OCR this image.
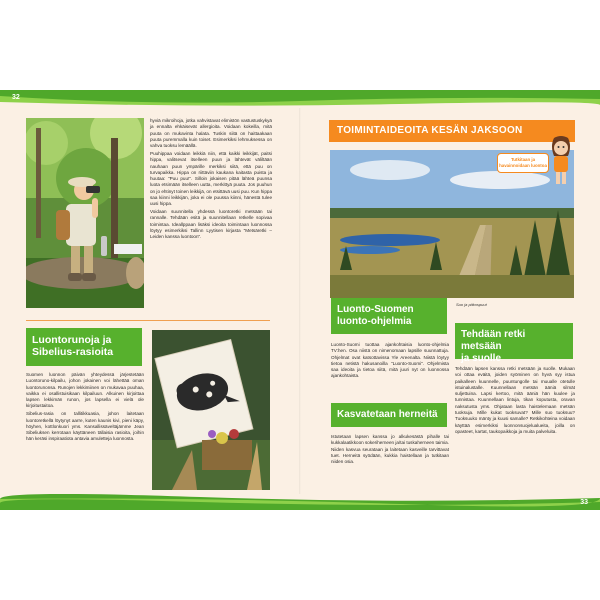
32
33

hyviä mikroihoja, jotka vahvistavat elimistön vastustuskykyä ja ennalta ehkäisevät allergioita. Voidaan kokeilla, mitä puuta on mukavinta halata. Tuskin siitä on haittaakaan puuta puremmalla kuin toiset. Esimerkiksi lehmuksessa on vahva tuoksu lemäällä.

Puuhippaa voidaan leikkiä niin, että kaikki leikkijät, paitsi hippa, valitsevat itselleen puun ja lähtevät väliltään nauhaan puun ympärille merkiksi siitä, että puu on turvapaikka. Hippa on riittäviin kaukana kaitasta puista ja huutaa: "Puu puu!". Silloin jokaisen pitää lähteä puunsa luota etsimään itselleen uutta, merkittyä puuta. Jos puuhun on jo ehtinyt toinen leikkijä, on etsittävä uusi puu. Kun hippa saa kiinni leikkijän, joka ei ole puussa kiinni, hänestä tulee uusi hippa.

Voidaan suunnitella yhdessä luontoretki metsään tai rannalle. Tehdään esitä ja suunnitellaan retkelle sopivaa toimintaa. Ideallppaan lisäksi ideoita toimintaan luonnossa löytyy esimerkiksi Tallinn Lyytisen kirjasta "Metsäretki – Leiden kanssa luontoon".

Luontorunoja ja
Sibelius-rasioita

Suomen luonnon päivän yhteydessä järjestetään Luontoruno-kilpailu, johon jokainen voi lähettää oman luontorunonsa. Runojen lekkimiinen on mukavaa puuhaa, vaikka ei osallistuisikaan kilpailuun. Alkuinen kirjoittaa lapsen lekkimän runon, jos lapsella ei vielä ole kirjoitustaitoa.

Sibelius-rasia on tallitikkuasia, johon laitetaan luontoretkellä löytynyt aarre, kuten kaunis kivi, pieni käpy, höyhen, kottlonkuori yms. Kansallissäveltäjämme Jean Sibeliuksen kerrotaan käyttäneen tällaisia rasioita, joihin hän keräsi inspiraatiota antavia amuletteja luonnosta.

TOIMINTAIDEOITA KESÄN JAKSOON
Suo ja pitkospuut
Tutkitaan ja havainnoidaan luontoa
Luonto-Suomen
luonto-ohjelmia

Luonto-Suomi tuottaa ajankohtaisia luonto-ohjelmia TV:hen. Osa niistä on nimenomaan lapsille suunnattuja. Ohjelmat ovat katsottavissa Yle Areenalta. Niistä löytyy tietoa netistä hakusanoilla "Luonto-Suomi". Ohjelmista saa ideoita ja tietoa siitä, mitä juuri nyt on luonnossa ajankohtaista.

Kasvatetaan herneitä

Istutetaan lapsen kanssa jo alkukesästä pihalle tai kukkalaatikkoon sokeriherneen ja/tai tuskaherneen taimia. Niiden kasvua seurataan ja laitetaan kasveille tarvittavat tuet. Herneitä syödään, kukkia haistellaan ja tutkitaan niiden osia.

Tehdään retki metsään
ja suolle

Tehdään lapsen kanssa retki metsään ja suolle. Mukaan voi ottaa eväitä, joiden syöminen on hyvä syy istua paikalleen kuunnelle, puuntungolle tai muualle otetulle istuinalustalle. Kuunnellaan metsän ääniä silmät suljettuina. Lapsi kertoo, mitä ääniä hän kuulee ja tunnistaa. Kuunnellaan lintuja, tikan koputusta, oravan naksutusta yms. Ohjataan lasta haistelemaan metsän tuoksuja. Mille kukat tuoksuvat? Mille suo tuoksuu? Tuoksuuko mänty ja kuusi samalle? Retkikohteina voidaan käyttää esimerkiksi luonnonsuojelualueita, joilla on opasteet, kartat, taukopaikkoja ja muita palveluita.
